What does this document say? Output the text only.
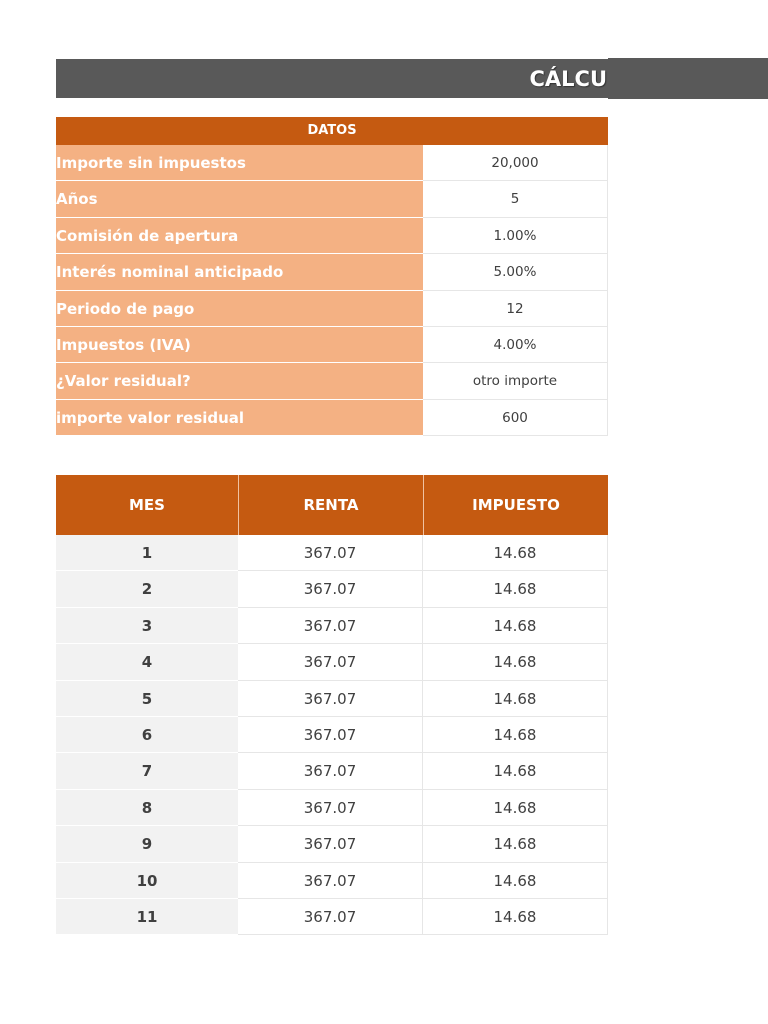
CÁLCU
DATOS
Importe sin impuestos	20,000
Años	5
Comisión de apertura	1.00%
Interés nominal anticipado	5.00%
Periodo de pago	12
Impuestos (IVA)	4.00%
¿Valor residual?	otro importe
importe valor residual	600
MES	RENTA	IMPUESTO
1	367.07	14.68
2	367.07	14.68
3	367.07	14.68
4	367.07	14.68
5	367.07	14.68
6	367.07	14.68
7	367.07	14.68
8	367.07	14.68
9	367.07	14.68
10	367.07	14.68
11	367.07	14.68
